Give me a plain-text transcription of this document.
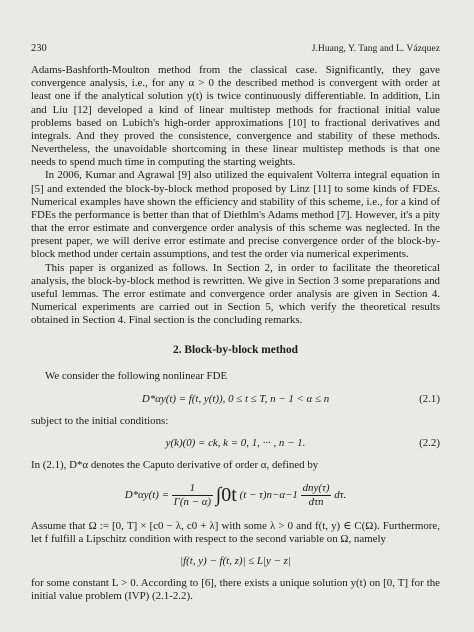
230	J.Huang, Y. Tang and L. Vázquez

Adams-Bashforth-Moulton method from the classical case. Significantly, they gave convergence analysis, i.e., for any α > 0 the described method is convergent with order at least one if the analytical solution y(t) is twice continuously differentiable. In addition, Lin and Liu [12] developed a kind of linear multistep methods for fractional initial value problems based on Lubich's high-order approximations [10] to fractional derivatives and integrals. And they proved the consistence, convergence and stability of these methods. Nevertheless, the unavoidable shortcoming in these linear multistep methods is that one needs to spend much time in computing the starting weights.

In 2006, Kumar and Agrawal [9] also utilized the equivalent Volterra integral equation in [5] and extended the block-by-block method proposed by Linz [11] to some kinds of FDEs. Numerical examples have shown the efficiency and stability of this scheme, i.e., for a kind of FDEs the performance is better than that of Diethlm's Adams method [7]. However, it's a pity that the error estimate and convergence order analysis of this scheme was neglected. In the present paper, we will derive error estimate and precise convergence order of the block-by-block method under certain assumptions, and test the order via numerical experiments.

This paper is organized as follows. In Section 2, in order to facilitate the theoretical analysis, the block-by-block method is rewritten. We give in Section 3 some preparations and useful lemmas. The error estimate and convergence order analysis are given in Section 4. Numerical experiments are carried out in Section 5, which verify the theoretical results obtained in Section 4. Final section is the concluding remarks.

2. Block-by-block method

We consider the following nonlinear FDE

D*αy(t) = f(t, y(t)), 0 ≤ t ≤ T, n − 1 < α ≤ n	(2.1)

subject to the initial conditions:

y(k)(0) = ck, k = 0, 1, ··· , n − 1.	(2.2)

In (2.1), D*α denotes the Caputo derivative of order α, defined by

$D*\alpha y(t) = \frac{1}{\Gamma(n - \alpha)} \int 0t$ $(t - \tau)n-\alpha-1 \frac{\text{dny(τ)}}{\text{dτn}} d\tau$.

Assume that Ω := [0, T] × [c0 − λ, c0 + λ] with some λ > 0 and f(t, y) ∈ C(Ω). Furthermore, let f fulfill a Lipschitz condition with respect to the second variable on Ω, namely

|f(t, y) − f(t, z)| ≤ L|y − z|

for some constant L > 0. According to [6], there exists a unique solution y(t) on [0, T] for the initial value problem (IVP) (2.1-2.2).
